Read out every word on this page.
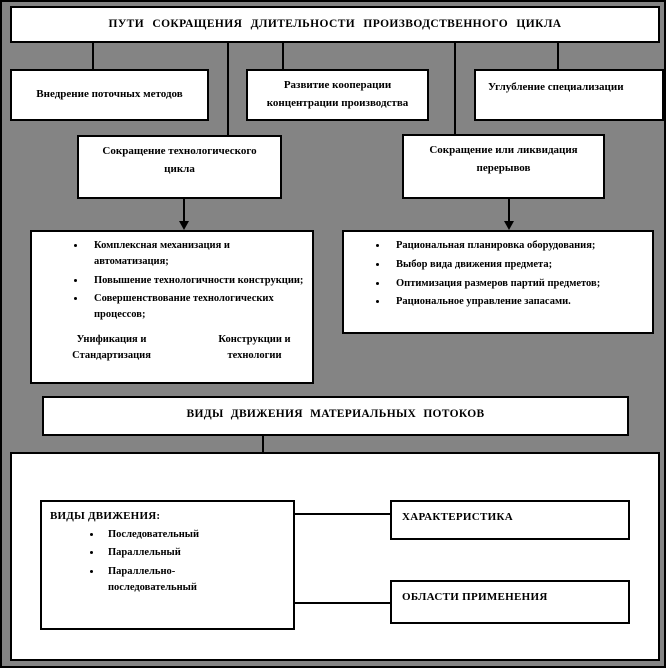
ПУТИ СОКРАЩЕНИЯ ДЛИТЕЛЬНОСТИ ПРОИЗВОДСТВЕННОГО ЦИКЛА
Внедрение поточных методов
Развитие кооперации концентрации производства
Углубление специализации
Сокращение технологического цикла
Сокращение или ликвидация перерывов
• Комплексная механизация и автоматизация;
• Повышение технологичности конструкции;
• Совершенствование технологических процессов;
Унификация и Стандартизация
Конструкции и технологии
• Рациональная планировка оборудования;
• Выбор вида движения предмета;
• Оптимизация размеров партий предметов;
• Рациональное управление запасами.
ВИДЫ ДВИЖЕНИЯ МАТЕРИАЛЬНЫХ ПОТОКОВ
ВИДЫ ДВИЖЕНИЯ:
• Последовательный
• Параллельный
• Параллельно-последовательный
ХАРАКТЕРИСТИКА
ОБЛАСТИ ПРИМЕНЕНИЯ
